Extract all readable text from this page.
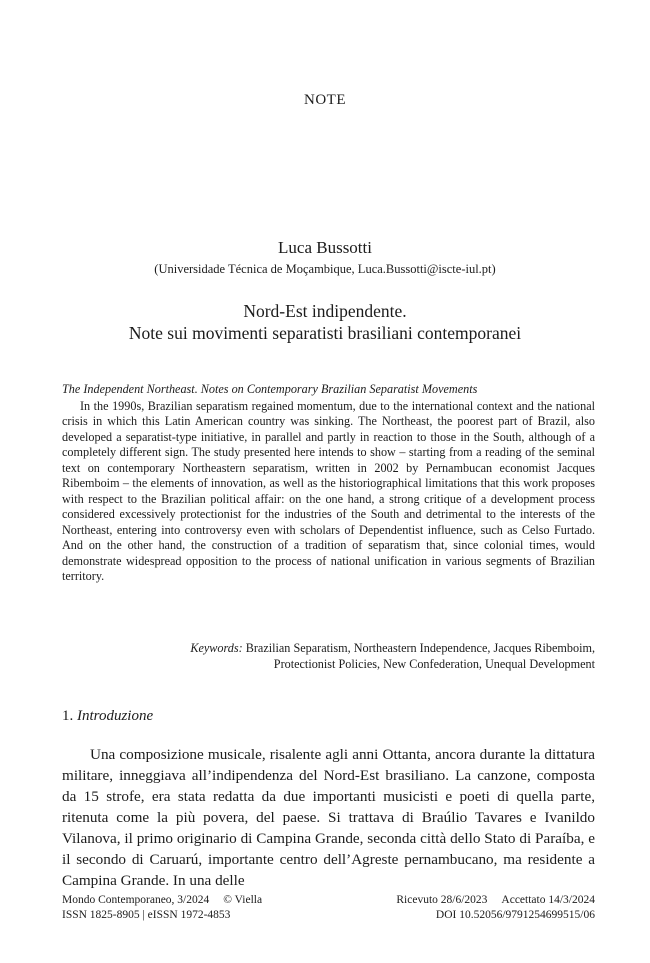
NOTE
Luca Bussotti
(Universidade Técnica de Moçambique, Luca.Bussotti@iscte-iul.pt)
Nord-Est indipendente.
Note sui movimenti separatisti brasiliani contemporanei

The Independent Northeast. Notes on Contemporary Brazilian Separatist Movements

In the 1990s, Brazilian separatism regained momentum, due to the international context and the national crisis in which this Latin American country was sinking. The Northeast, the poorest part of Brazil, also developed a separatist-type initiative, in parallel and partly in reaction to those in the South, although of a completely different sign. The study presented here intends to show – starting from a reading of the seminal text on contemporary Northeastern separatism, written in 2002 by Pernambucan economist Jacques Ribemboim – the elements of innovation, as well as the historiographical limitations that this work proposes with respect to the Brazilian political affair: on the one hand, a strong critique of a development process considered excessively protectionist for the industries of the South and detrimental to the interests of the Northeast, entering into controversy even with scholars of Dependentist influence, such as Celso Furtado. And on the other hand, the construction of a tradition of separatism that, since colonial times, would demonstrate widespread opposition to the process of national unification in various segments of Brazilian territory.

Keywords: Brazilian Separatism, Northeastern Independence, Jacques Ribemboim,
Protectionist Policies, New Confederation, Unequal Development
1. Introduzione

Una composizione musicale, risalente agli anni Ottanta, ancora durante la dittatura militare, inneggiava all’indipendenza del Nord-Est brasiliano. La canzone, composta da 15 strofe, era stata redatta da due importanti musicisti e poeti di quella parte, ritenuta come la più povera, del paese. Si trattava di Braúlio Tavares e Ivanildo Vilanova, il primo originario di Campina Grande, seconda città dello Stato di Paraíba, e il secondo di Caruarú, importante centro dell’Agreste pernambucano, ma residente a Campina Grande. In una delle

Mondo Contemporaneo, 3/2024 © Viella	Ricevuto 28/6/2023 Accettato 14/3/2024
ISSN 1825-8905 | eISSN 1972-4853	DOI 10.52056/9791254699515/06
